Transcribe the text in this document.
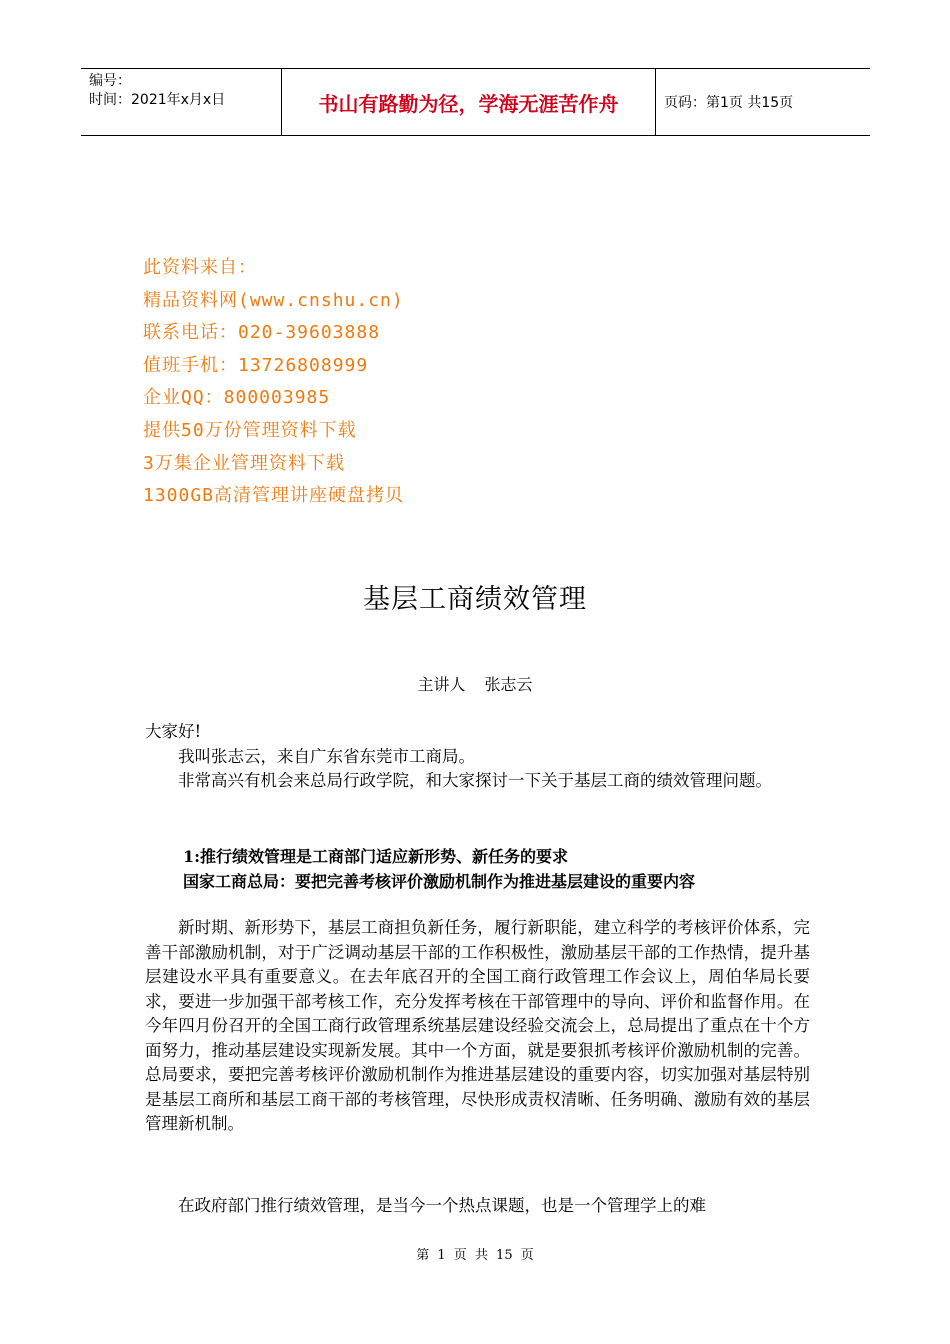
编号：
时间：2021年x月x日	书山有路勤为径，学海无涯苦作舟	页码：第1页 共15页
此资料来自：
精品资料网(www.cnshu.cn)
联系电话：020-39603888
值班手机：13726808999
企业QQ：800003985
提供50万份管理资料下载
3万集企业管理资料下载
1300GB高清管理讲座硬盘拷贝
基层工商绩效管理
主讲人 张志云

大家好!

我叫张志云，来自广东省东莞市工商局。

非常高兴有机会来总局行政学院，和大家探讨一下关于基层工商的绩效管理问题。

1:推行绩效管理是工商部门适应新形势、新任务的要求

国家工商总局：要把完善考核评价激励机制作为推进基层建设的重要内容

新时期、新形势下，基层工商担负新任务，履行新职能，建立科学的考核评价体系，完善干部激励机制，对于广泛调动基层干部的工作积极性，激励基层干部的工作热情，提升基层建设水平具有重要意义。在去年底召开的全国工商行政管理工作会议上，周伯华局长要求，要进一步加强干部考核工作，充分发挥考核在干部管理中的导向、评价和监督作用。在今年四月份召开的全国工商行政管理系统基层建设经验交流会上，总局提出了重点在十个方面努力，推动基层建设实现新发展。其中一个方面，就是要狠抓考核评价激励机制的完善。总局要求，要把完善考核评价激励机制作为推进基层建设的重要内容，切实加强对基层特别是基层工商所和基层工商干部的考核管理，尽快形成责权清晰、任务明确、激励有效的基层管理新机制。

在政府部门推行绩效管理，是当今一个热点课题，也是一个管理学上的难

第 1 页 共 15 页
